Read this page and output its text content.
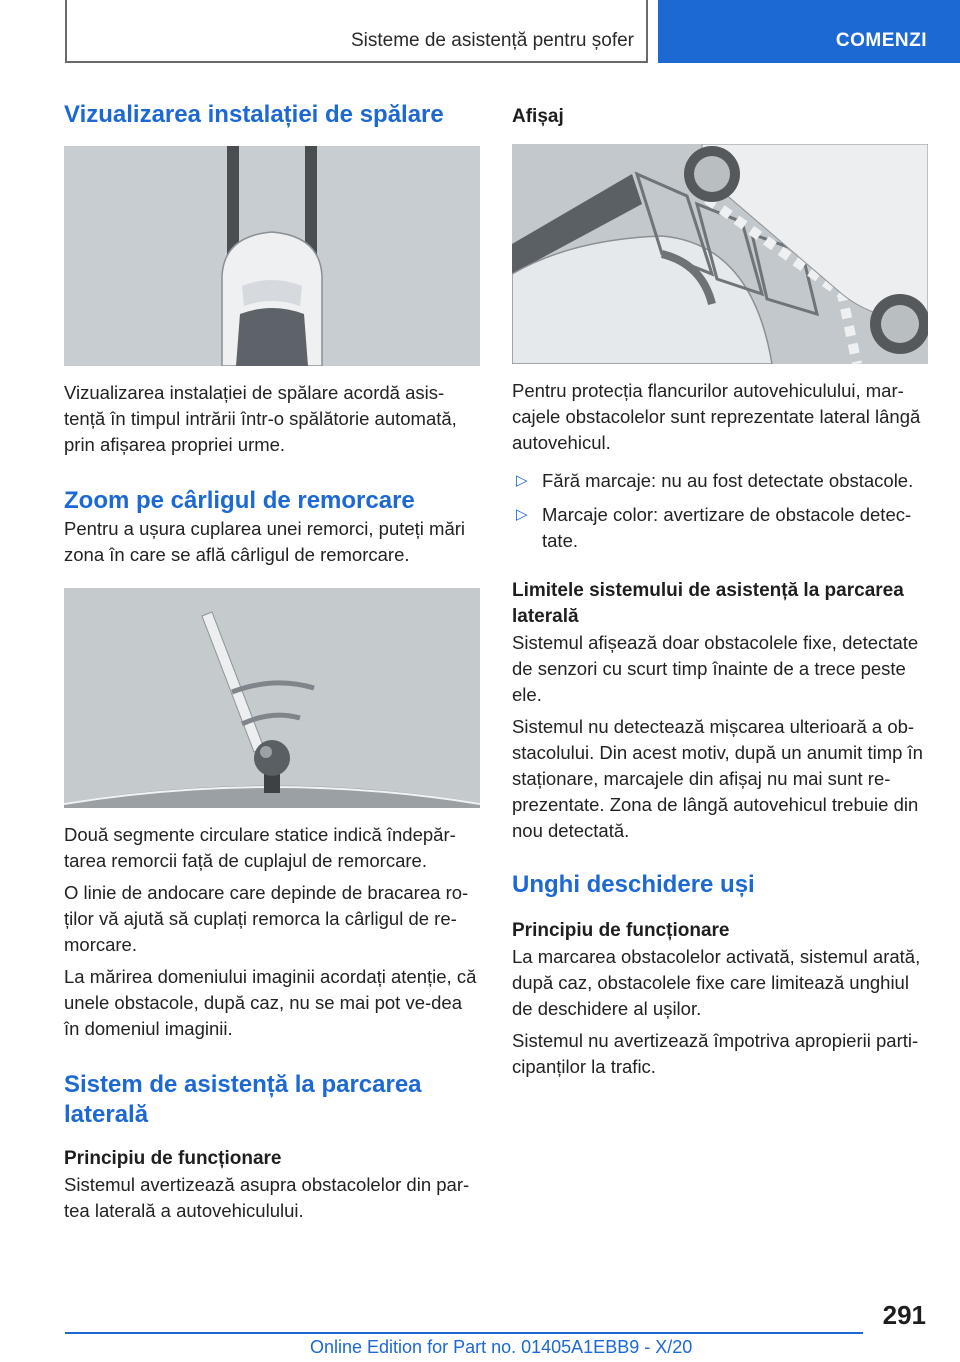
Sisteme de asistență pentru șofer	COMENZI
Vizualizarea instalației de spălare

Vizualizarea instalației de spălare acordă asis-tență în timpul intrării într-o spălătorie automată, prin afișarea propriei urme.

Zoom pe cârligul de remorcare

Pentru a ușura cuplarea unei remorci, puteți mări zona în care se află cârligul de remorcare.

Două segmente circulare statice indică îndepăr-tarea remorcii față de cuplajul de remorcare.

O linie de andocare care depinde de bracarea ro-ților vă ajută să cuplați remorca la cârligul de re-morcare.

La mărirea domeniului imaginii acordați atenție, că unele obstacole, după caz, nu se mai pot ve-dea în domeniul imaginii.

Sistem de asistență la parcarea laterală
Principiu de funcționare

Sistemul avertizează asupra obstacolelor din par-tea laterală a autovehiculului.

Afișaj

Pentru protecția flancurilor autovehiculului, mar-cajele obstacolelor sunt reprezentate lateral lângă autovehicul.

▷ Fără marcaje: nu au fost detectate obstacole.
▷ Marcaje color: avertizare de obstacole detec-tate.
Limitele sistemului de asistență la parcarea laterală

Sistemul afișează doar obstacolele fixe, detectate de senzori cu scurt timp înainte de a trece peste ele.

Sistemul nu detectează mișcarea ulterioară a ob-stacolului. Din acest motiv, după un anumit timp în staționare, marcajele din afișaj nu mai sunt re-prezentate. Zona de lângă autovehicul trebuie din nou detectată.

Unghi deschidere uși
Principiu de funcționare

La marcarea obstacolelor activată, sistemul arată, după caz, obstacolele fixe care limitează unghiul de deschidere al ușilor.

Sistemul nu avertizează împotriva apropierii parti-cipanților la trafic.

291
Online Edition for Part no. 01405A1EBB9 - X/20
